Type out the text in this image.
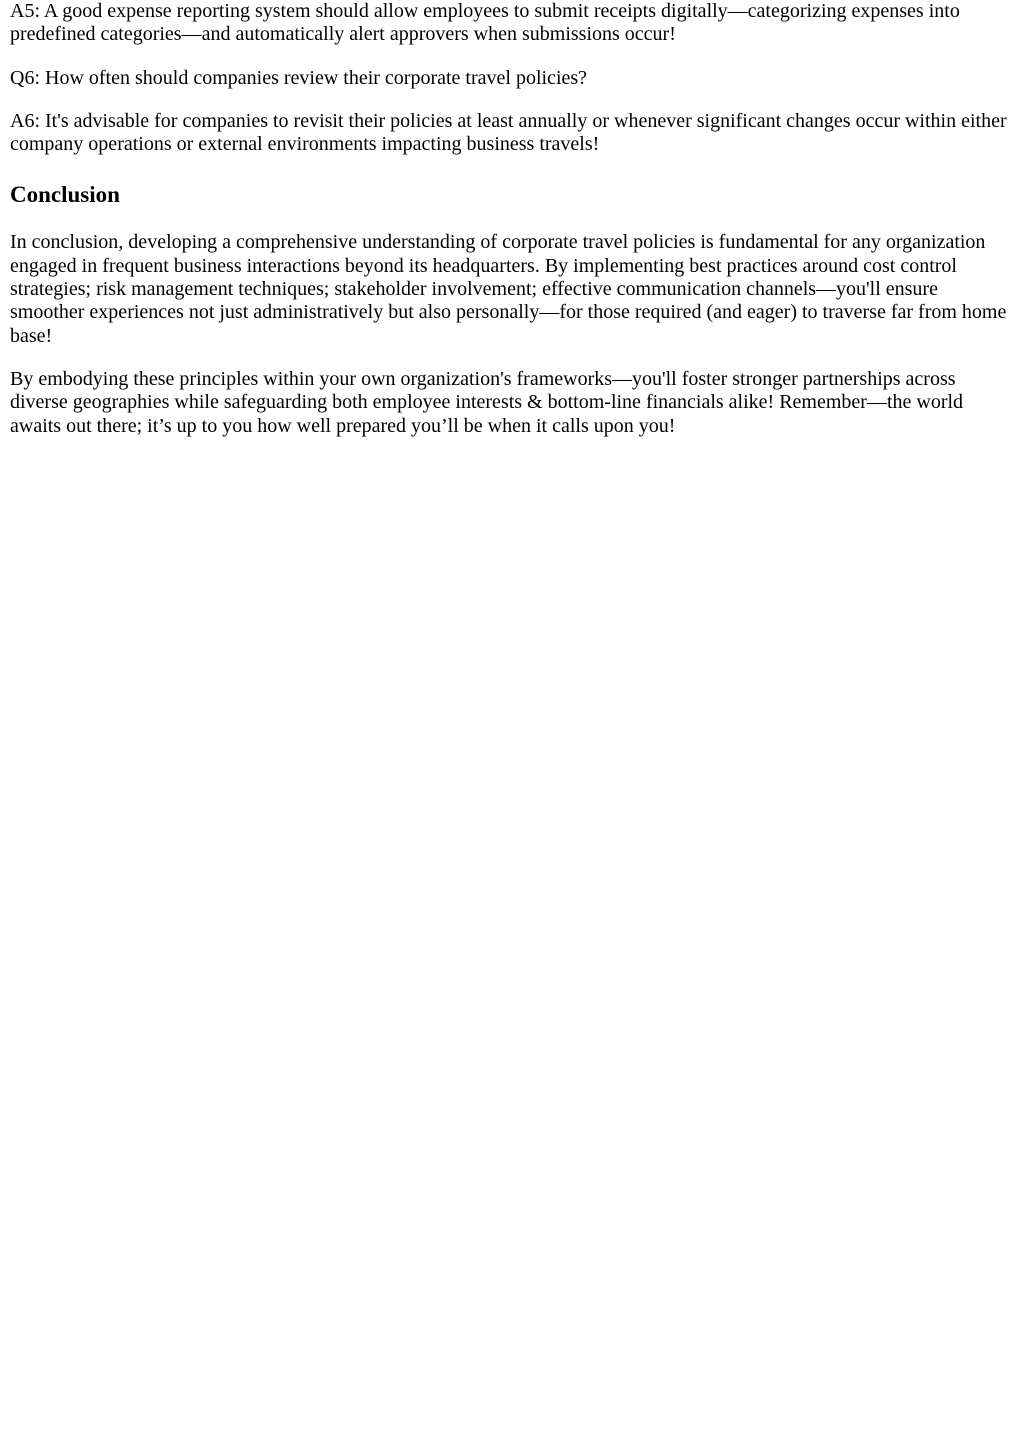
A5: A good expense reporting system should allow employees to submit receipts digitally—categorizing expenses into predefined categories—and automatically alert approvers when submissions occur!

Q6: How often should companies review their corporate travel policies?

A6: It's advisable for companies to revisit their policies at least annually or whenever significant changes occur within either company operations or external environments impacting business travels!

Conclusion

In conclusion, developing a comprehensive understanding of corporate travel policies is fundamental for any organization engaged in frequent business interactions beyond its headquarters. By implementing best practices around cost control strategies; risk management techniques; stakeholder involvement; effective communication channels—you'll ensure smoother experiences not just administratively but also personally—for those required (and eager) to traverse far from home base!

By embodying these principles within your own organization's frameworks—you'll foster stronger partnerships across diverse geographies while safeguarding both employee interests & bottom-line financials alike! Remember—the world awaits out there; it’s up to you how well prepared you’ll be when it calls upon you!
